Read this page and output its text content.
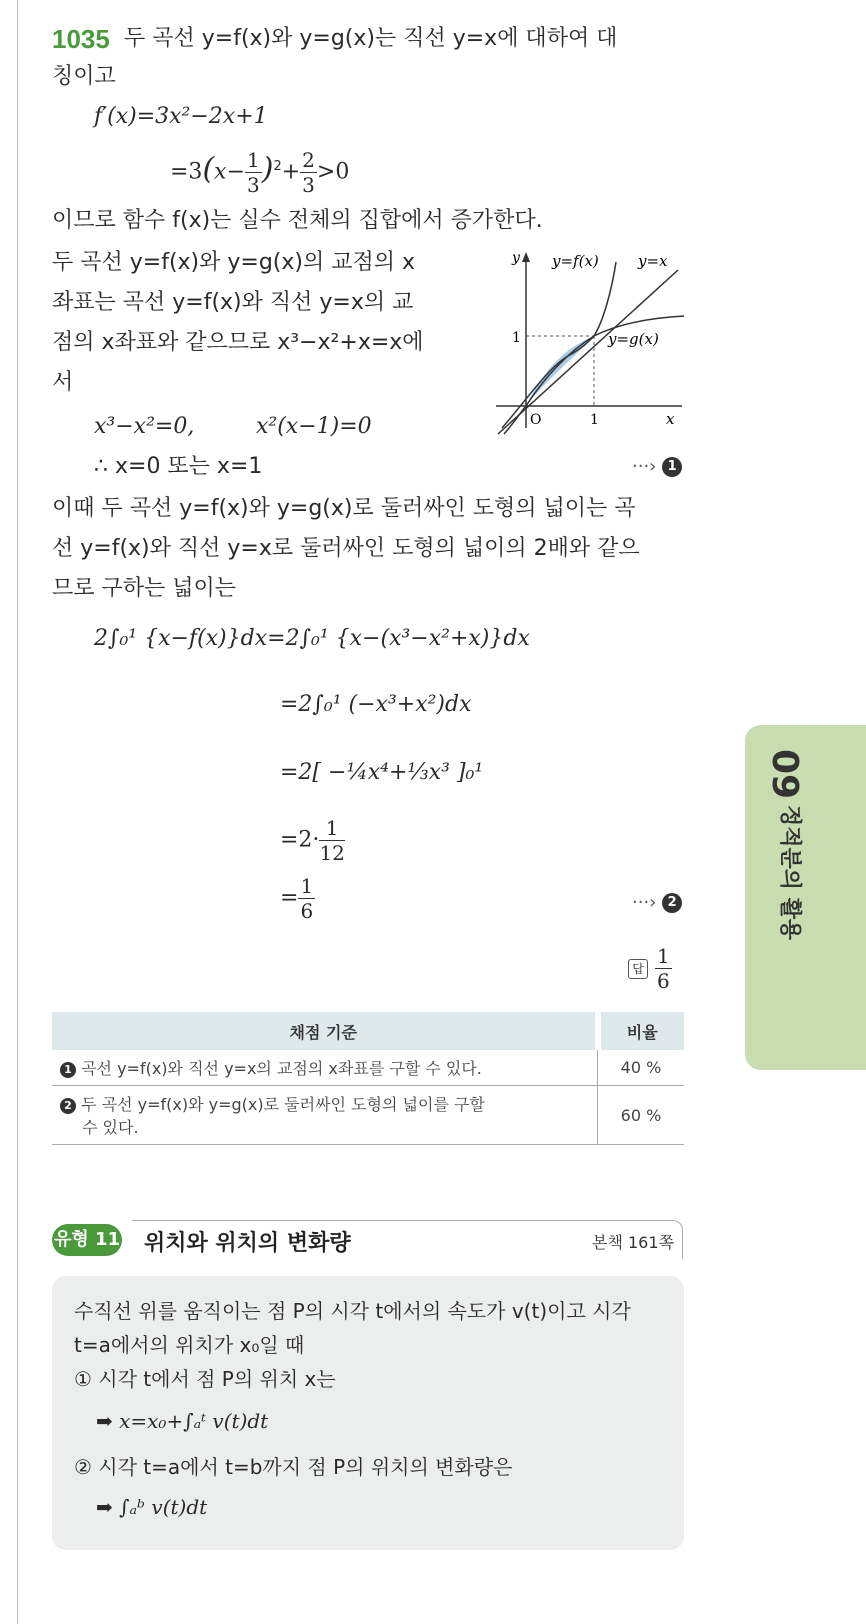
1035 두 곡선 y=f(x)와 y=g(x)는 직선 y=x에 대하여 대
칭이고
f′(x)=3x²−2x+1
$=3(x- \frac{1}{3} )^2+ \frac{2}{3} >0$
이므로 함수 f(x)는 실수 전체의 집합에서 증가한다.
두 곡선 y=f(x)와 y=g(x)의 교점의 x
좌표는 곡선 y=f(x)와 직선 y=x의 교
점의 x좌표와 같으므로 x³−x²+x=x에
서
x³−x²=0,	x²(x−1)=0
∴ x=0 또는 x=1	···› 1
y y=f(x)	y=x
y=g(x)
1
1
O	x
이때 두 곡선 y=f(x)와 y=g(x)로 둘러싸인 도형의 넓이는 곡
선 y=f(x)와 직선 y=x로 둘러싸인 도형의 넓이의 2배와 같으
므로 구하는 넓이는
2∫₀¹ {x−f(x)}dx=2∫₀¹ {x−(x³−x²+x)}dx
=2∫₀¹ (−x³+x²)dx
=2[ −¼x⁴+⅓x³ ]₀¹
$=2\cdot \frac{1}{12}$
= $\frac{1}{6}$	···› 2
답 $\frac{1}{6}$
채점 기준	비율
1 곡선 y=f(x)와 직선 y=x의 교점의 x좌표를 구할 수 있다.	40 %
2 두 곡선 y=f(x)와 y=g(x)로 둘러싸인 도형의 넓이를 구할
수 있다.	60 %
09
정적분의 활용
유형 11 위치와 위치의 변화량	본책 161쪽
수직선 위를 움직이는 점 P의 시각 t에서의 속도가 v(t)이고 시각
t=a에서의 위치가 x₀일 때
① 시각 t에서 점 P의 위치 x는
➡ x=x₀+∫ₐᵗ v(t)dt
② 시각 t=a에서 t=b까지 점 P의 위치의 변화량은
➡ ∫ₐᵇ v(t)dt
